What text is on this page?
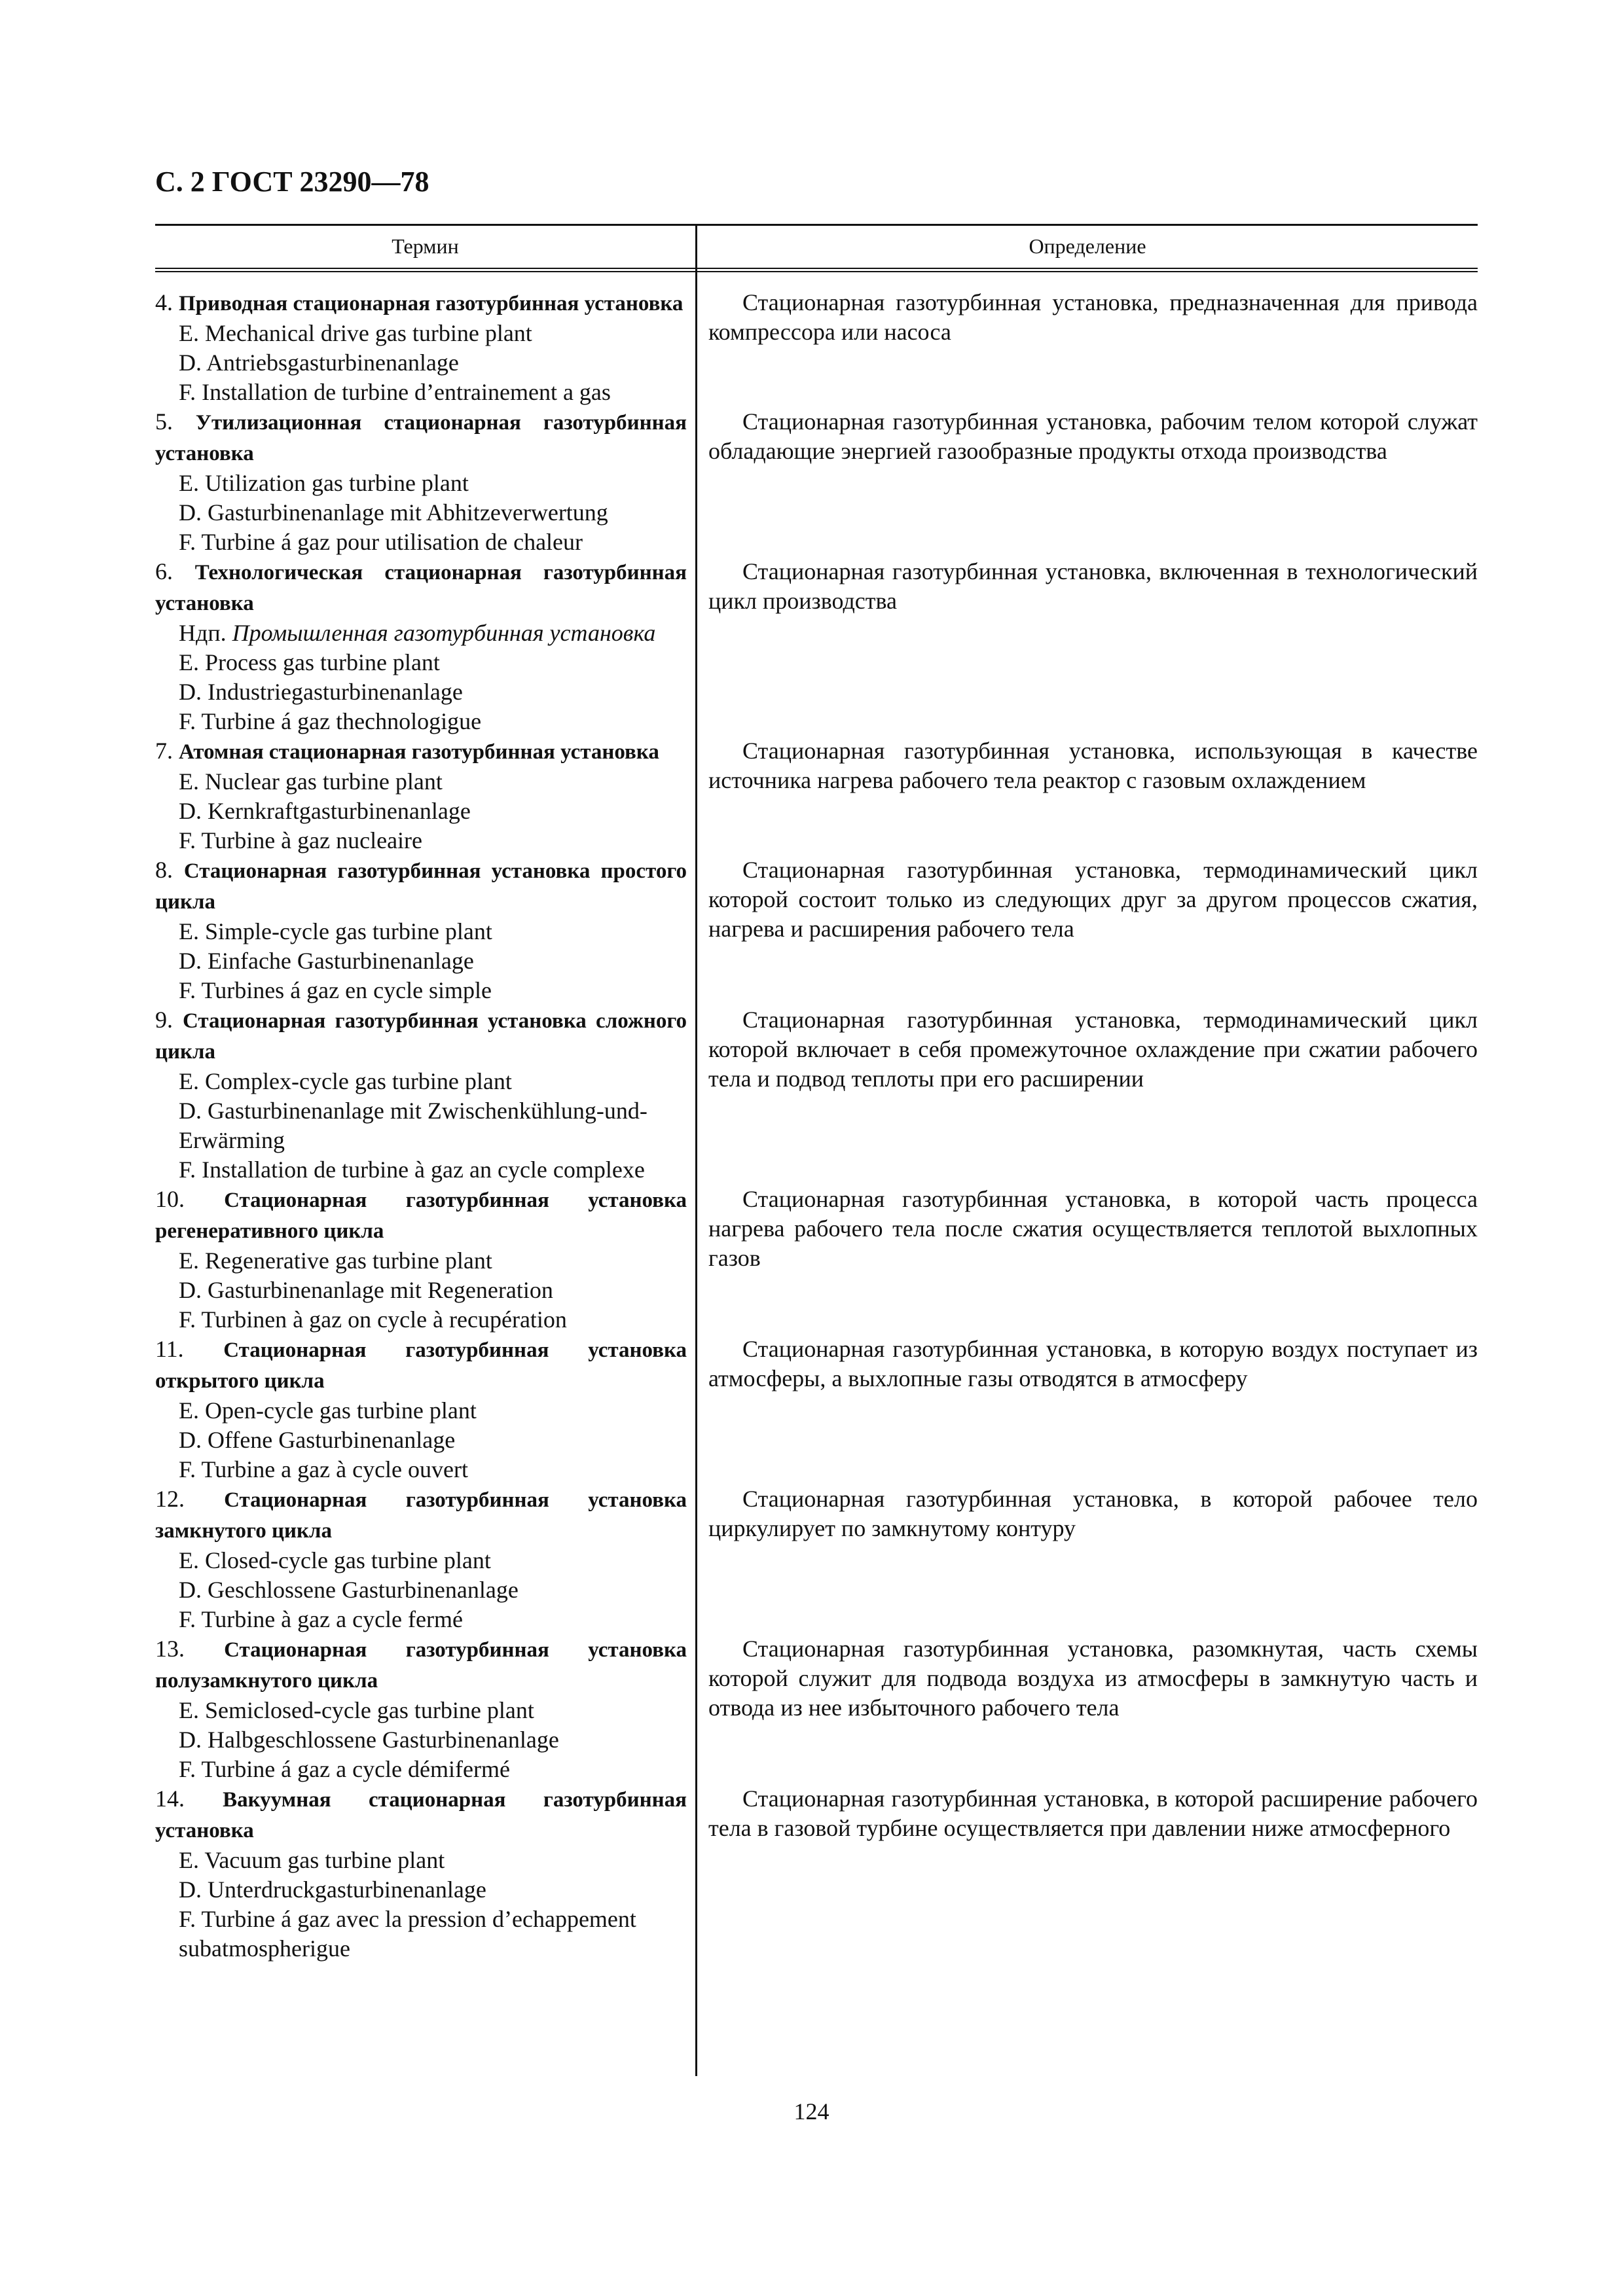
С. 2 ГОСТ 23290—78
Термин	Определение
4. Приводная стационарная газотурбинная установка
E. Mechanical drive gas turbine plant
D. Antriebsgasturbinenanlage
F. Installation de turbine d’entrainement a gas
5. Утилизационная стационарная газотурбинная установка
E. Utilization gas turbine plant
D. Gasturbinenanlage mit Abhitzeverwertung
F. Turbine á gaz pour utilisation de chaleur
6. Технологическая стационарная газотурбинная установка
Ндп. Промышленная газотурбинная установка
E. Process gas turbine plant
D. Industriegasturbinenanlage
F. Turbine á gaz thechnologigue
7. Атомная стационарная газотурбинная установка
E. Nuclear gas turbine plant
D. Kernkraftgasturbinenanlage
F. Turbine à gaz nucleaire
8. Стационарная газотурбинная установка простого цикла
E. Simple-cycle gas turbine plant
D. Einfache Gasturbinenanlage
F. Turbines á gaz en cycle simple
9. Стационарная газотурбинная установка сложного цикла
E. Complex-cycle gas turbine plant
D. Gasturbinenanlage mit Zwischenkühlung-und-Erwärming
F. Installation de turbine à gaz an cycle complexe
10. Стационарная газотурбинная установка регенеративного цикла
E. Regenerative gas turbine plant
D. Gasturbinenanlage mit Regeneration
F. Turbinen à gaz on cycle à recupération
11. Стационарная газотурбинная установка открытого цикла
E. Open-cycle gas turbine plant
D. Offene Gasturbinenanlage
F. Turbine a gaz à cycle ouvert
12. Стационарная газотурбинная установка замкнутого цикла
E. Closed-cycle gas turbine plant
D. Geschlossene Gasturbinenanlage
F. Turbine à gaz a cycle fermé
13. Стационарная газотурбинная установка полузамкнутого цикла
E. Semiclosed-cycle gas turbine plant
D. Halbgeschlossene Gasturbinenanlage
F. Turbine á gaz a cycle démifermé
14. Вакуумная стационарная газотурбинная установка
E. Vacuum gas turbine plant
D. Unterdruckgasturbinenanlage
F. Turbine á gaz avec la pression d’echappement subatmospherigue
Стационарная газотурбинная установка, предназначенная для привода компрессора или насоса
Стационарная газотурбинная установка, рабочим телом которой служат обладающие энергией газообразные продукты отхода производства
Стационарная газотурбинная установка, включенная в технологический цикл производства
Стационарная газотурбинная установка, использующая в качестве источника нагрева рабочего тела реактор с газовым охлаждением
Стационарная газотурбинная установка, термодинамический цикл которой состоит только из следующих друг за другом процессов сжатия, нагрева и расширения рабочего тела
Стационарная газотурбинная установка, термодинамический цикл которой включает в себя промежуточное охлаждение при сжатии рабочего тела и подвод теплоты при его расширении
Стационарная газотурбинная установка, в которой часть процесса нагрева рабочего тела после сжатия осуществляется теплотой выхлопных газов
Стационарная газотурбинная установка, в которую воздух поступает из атмосферы, а выхлопные газы отводятся в атмосферу
Стационарная газотурбинная установка, в которой рабочее тело циркулирует по замкнутому контуру
Стационарная газотурбинная установка, разомкнутая, часть схемы которой служит для подвода воздуха из атмосферы в замкнутую часть и отвода из нее избыточного рабочего тела
Стационарная газотурбинная установка, в которой расширение рабочего тела в газовой турбине осуществляется при давлении ниже атмосферного
124
